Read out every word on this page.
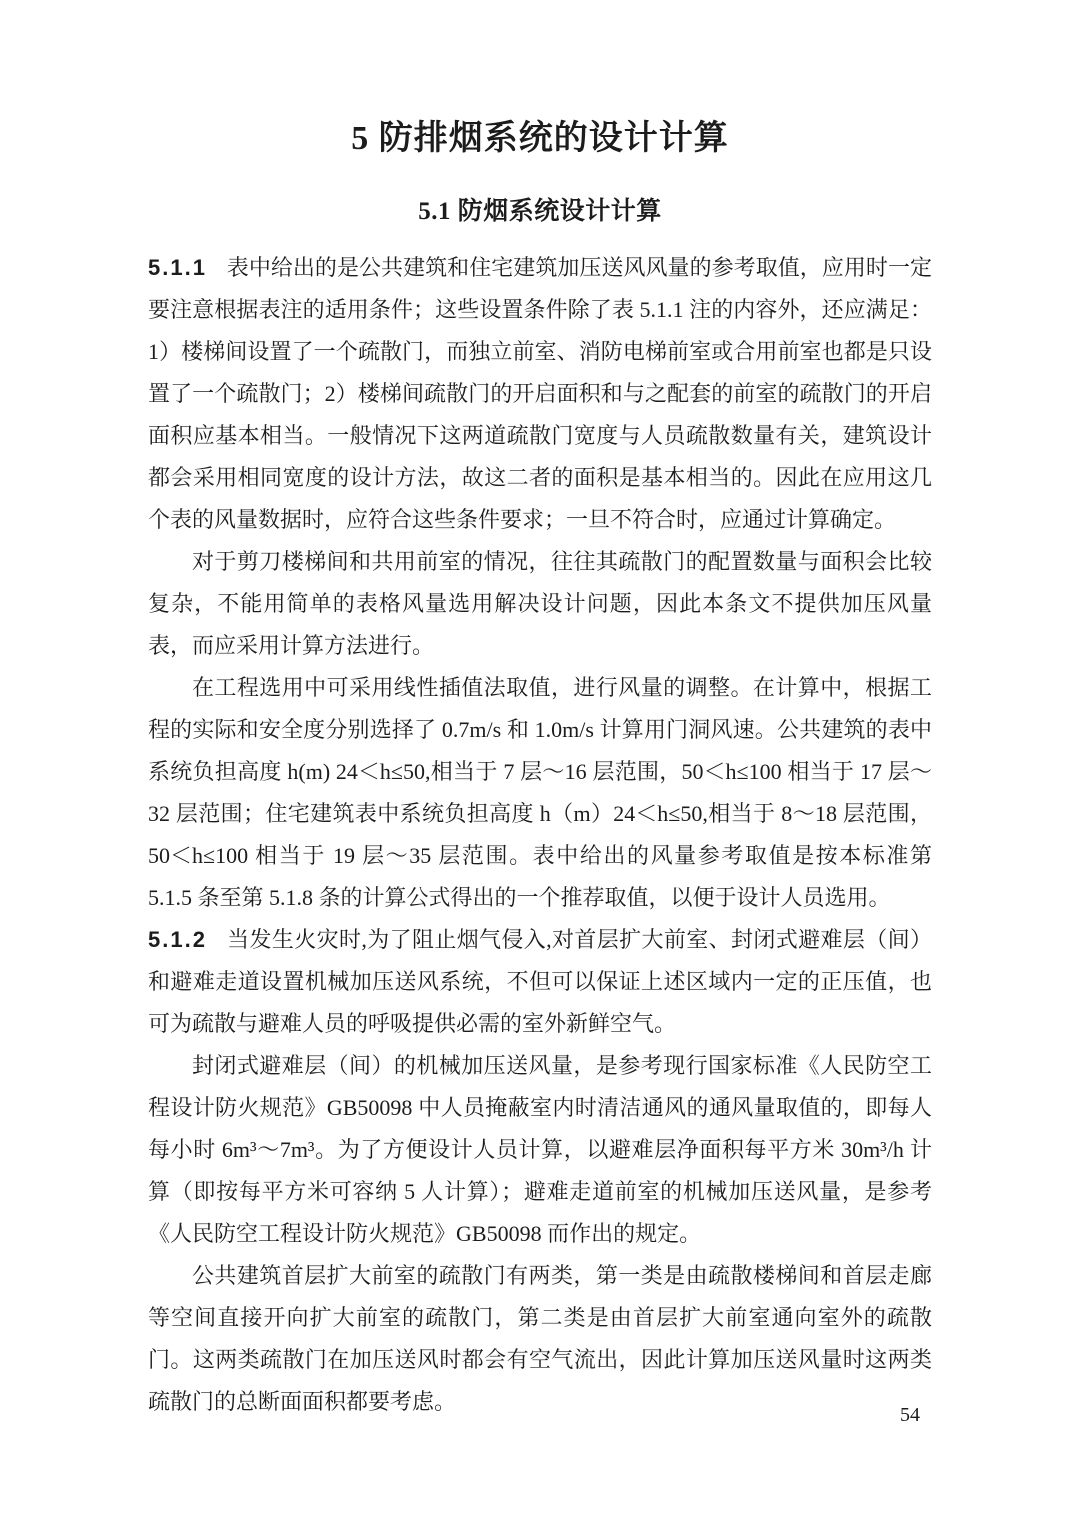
5 防排烟系统的设计计算
5.1 防烟系统设计计算

5.1.1 表中给出的是公共建筑和住宅建筑加压送风风量的参考取值，应用时一定要注意根据表注的适用条件；这些设置条件除了表 5.1.1 注的内容外，还应满足：1）楼梯间设置了一个疏散门，而独立前室、消防电梯前室或合用前室也都是只设置了一个疏散门；2）楼梯间疏散门的开启面积和与之配套的前室的疏散门的开启面积应基本相当。一般情况下这两道疏散门宽度与人员疏散数量有关，建筑设计都会采用相同宽度的设计方法，故这二者的面积是基本相当的。因此在应用这几个表的风量数据时，应符合这些条件要求；一旦不符合时，应通过计算确定。

对于剪刀楼梯间和共用前室的情况，往往其疏散门的配置数量与面积会比较复杂，不能用简单的表格风量选用解决设计问题，因此本条文不提供加压风量表，而应采用计算方法进行。

在工程选用中可采用线性插值法取值，进行风量的调整。在计算中，根据工程的实际和安全度分别选择了 0.7m/s 和 1.0m/s 计算用门洞风速。公共建筑的表中系统负担高度 h(m) 24＜h≤50,相当于 7 层～16 层范围，50＜h≤100 相当于 17 层～32 层范围；住宅建筑表中系统负担高度 h（m）24＜h≤50,相当于 8～18 层范围，50＜h≤100 相当于 19 层～35 层范围。表中给出的风量参考取值是按本标准第 5.1.5 条至第 5.1.8 条的计算公式得出的一个推荐取值，以便于设计人员选用。

5.1.2 当发生火灾时,为了阻止烟气侵入,对首层扩大前室、封闭式避难层（间）和避难走道设置机械加压送风系统，不但可以保证上述区域内一定的正压值，也可为疏散与避难人员的呼吸提供必需的室外新鲜空气。

封闭式避难层（间）的机械加压送风量，是参考现行国家标准《人民防空工程设计防火规范》GB50098 中人员掩蔽室内时清洁通风的通风量取值的，即每人每小时 6m³～7m³。为了方便设计人员计算，以避难层净面积每平方米 30m³/h 计算（即按每平方米可容纳 5 人计算）；避难走道前室的机械加压送风量，是参考《人民防空工程设计防火规范》GB50098 而作出的规定。

公共建筑首层扩大前室的疏散门有两类，第一类是由疏散楼梯间和首层走廊等空间直接开向扩大前室的疏散门，第二类是由首层扩大前室通向室外的疏散门。这两类疏散门在加压送风时都会有空气流出，因此计算加压送风量时这两类疏散门的总断面面积都要考虑。

54
